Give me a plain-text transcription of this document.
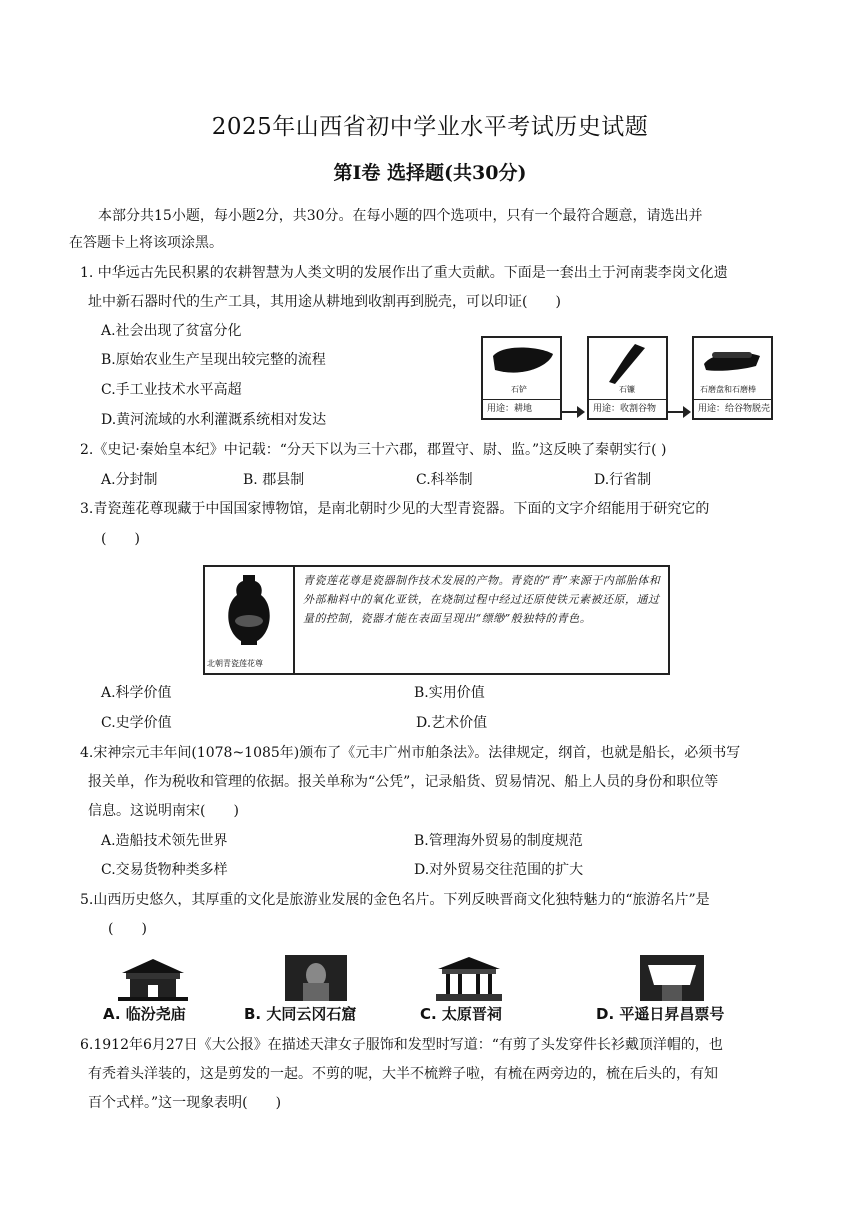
2025年山西省初中学业水平考试历史试题
第Ⅰ卷 选择题(共30分)
本部分共15小题，每小题2分，共30分。在每小题的四个选项中，只有一个最符合题意，请选出并
在答题卡上将该项涂黑。
1. 中华远古先民积累的农耕智慧为人类文明的发展作出了重大贡献。下面是一套出土于河南裴李岗文化遗
址中新石器时代的生产工具，其用途从耕地到收割再到脱壳，可以印证(　　)
A.社会出现了贫富分化
B.原始农业生产呈现出较完整的流程
C.手工业技术水平高超
D.黄河流域的水利灌溉系统相对发达
石铲
用途：耕地
石镰
用途：收割谷物
石磨盘和石磨棒
用途：给谷物脱壳
2.《史记·秦始皇本纪》中记载：“分天下以为三十六郡，郡置守、尉、监。”这反映了秦朝实行( )
A.分封制	B. 郡县制	C.科举制	D.行省制
3.青瓷莲花尊现藏于中国国家博物馆，是南北朝时少见的大型青瓷器。下面的文字介绍能用于研究它的
(　　)
北朝青瓷莲花尊
青瓷莲花尊是瓷器制作技术发展的产物。青瓷的“青”来源于内部胎体和外部釉料中的氧化亚铁，在烧制过程中经过还原使铁元素被还原，通过量的控制，瓷器才能在表面呈现出“缥缈”般独特的青色。
A.科学价值	B.实用价值
C.史学价值	D.艺术价值
4.宋神宗元丰年间(1078~1085年)颁布了《元丰广州市舶条法》。法律规定，纲首，也就是船长，必须书写
报关单，作为税收和管理的依据。报关单称为“公凭”，记录船货、贸易情况、船上人员的身份和职位等
信息。这说明南宋(　　)
A.造船技术领先世界	B.管理海外贸易的制度规范
C.交易货物种类多样	D.对外贸易交往范围的扩大
5.山西历史悠久，其厚重的文化是旅游业发展的金色名片。下列反映晋商文化独特魅力的“旅游名片”是
(　　)
A. 临汾尧庙	B. 大同云冈石窟	C. 太原晋祠	D. 平遥日昇昌票号
6.1912年6月27日《大公报》在描述天津女子服饰和发型时写道：“有剪了头发穿件长衫戴顶洋帽的，也
有秃着头洋装的，这是剪发的一起。不剪的呢，大半不梳辫子啦，有梳在两旁边的，梳在后头的，有知
百个式样。”这一现象表明(　　)
